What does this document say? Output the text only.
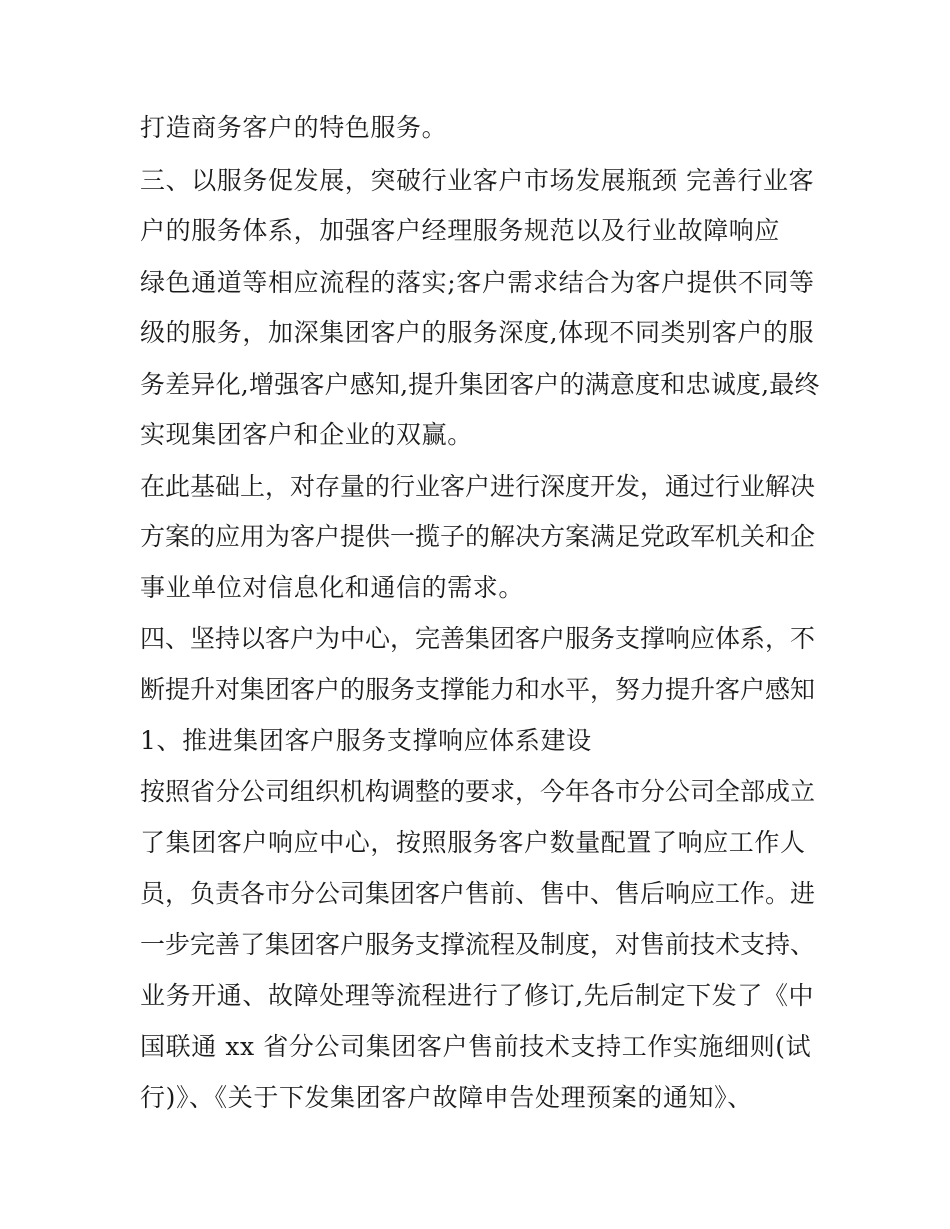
打造商务客户的特色服务。
三、以服务促发展，突破行业客户市场发展瓶颈 完善行业客
户的服务体系，加强客户经理服务规范以及行业故障响应
绿色通道等相应流程的落实;客户需求结合为客户提供不同等
级的服务，加深集团客户的服务深度,体现不同类别客户的服
务差异化,增强客户感知,提升集团客户的满意度和忠诚度,最终
实现集团客户和企业的双赢。
在此基础上，对存量的行业客户进行深度开发，通过行业解决
方案的应用为客户提供一揽子的解决方案满足党政军机关和企
事业单位对信息化和通信的需求。
四、坚持以客户为中心，完善集团客户服务支撑响应体系，不
断提升对集团客户的服务支撑能力和水平，努力提升客户感知
1、推进集团客户服务支撑响应体系建设
按照省分公司组织机构调整的要求，今年各市分公司全部成立
了集团客户响应中心，按照服务客户数量配置了响应工作人
员，负责各市分公司集团客户售前、售中、售后响应工作。进
一步完善了集团客户服务支撑流程及制度，对售前技术支持、
业务开通、故障处理等流程进行了修订,先后制定下发了《中
国联通 xx 省分公司集团客户售前技术支持工作实施细则(试
行)》、《关于下发集团客户故障申告处理预案的通知》、
